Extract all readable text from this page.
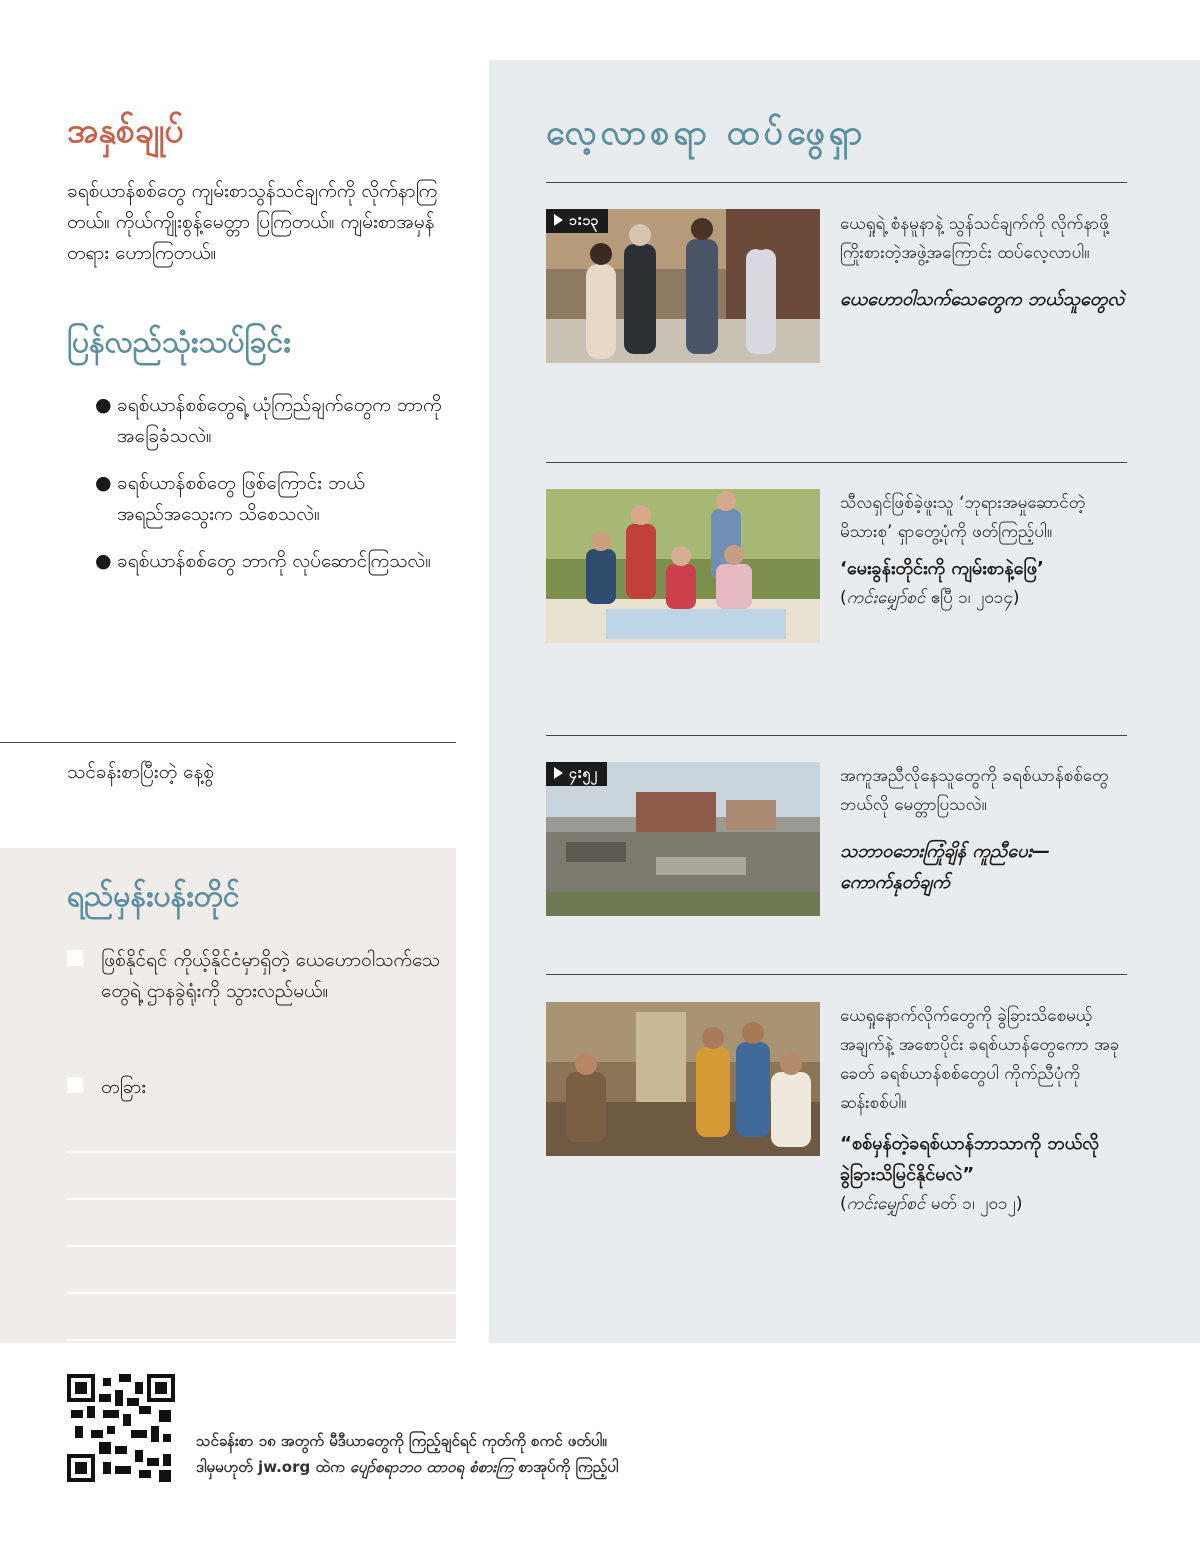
အနှစ်ချုပ်

ခရစ်ယာန်စစ်တွေ ကျမ်းစာသွန်သင်ချက်ကို လိုက်နာကြတယ်။ ကိုယ်ကျိုးစွန့်မေတ္တာ ပြကြတယ်။ ကျမ်းစာအမှန်တရား ဟောကြတယ်။

ပြန်လည်သုံးသပ်ခြင်း
● ခရစ်ယာန်စစ်တွေရဲ့ ယုံကြည်ချက်တွေက ဘာကို အခြေခံသလဲ။
● ခရစ်ယာန်စစ်တွေ ဖြစ်ကြောင်း ဘယ်အရည်အသွေးက သိစေသလဲ။
● ခရစ်ယာန်စစ်တွေ ဘာကို လုပ်ဆောင်ကြသလဲ။
သင်ခန်းစာပြီးတဲ့ နေ့စွဲ
ရည်မှန်းပန်းတိုင်
ဖြစ်နိုင်ရင် ကိုယ့်နိုင်ငံမှာရှိတဲ့ ယေဟောဝါသက်သေတွေရဲ့ ဌာနခွဲရုံးကို သွားလည်မယ်။
တခြား
လေ့လာစရာ ထပ်ဖွေရှာ
၁:၁၃	ယေရှုရဲ့ စံနမူနာနဲ့ သွန်သင်ချက်ကို လိုက်နာဖို့ ကြိုးစားတဲ့အဖွဲ့အကြောင်း ထပ်လေ့လာပါ။
ယေဟောဝါသက်သေတွေက ဘယ်သူတွေလဲ
သီလရှင်ဖြစ်ခဲ့ဖူးသူ ‘ဘုရားအမှုဆောင်တဲ့ မိသားစု’ ရှာတွေ့ပုံကို ဖတ်ကြည့်ပါ။
‘မေးခွန်းတိုင်းကို ကျမ်းစာနဲ့ဖြေ’
(ကင်းမျှော်စင် ဧပြီ ၁၊ ၂၀၁၄)
၄:၅၂	အကူအညီလိုနေသူတွေကို ခရစ်ယာန်စစ်တွေ ဘယ်လို မေတ္တာပြသလဲ။
သဘာဝဘေးကြုံချိန် ကူညီပေး—ကောက်နုတ်ချက်
ယေရှုနောက်လိုက်တွေကို ခွဲခြားသိစေမယ့်အချက်နဲ့ အစောပိုင်း ခရစ်ယာန်တွေကော အခုခေတ် ခရစ်ယာန်စစ်တွေပါ ကိုက်ညီပုံကို ဆန်းစစ်ပါ။
“စစ်မှန်တဲ့ခရစ်ယာန်ဘာသာကို ဘယ်လို ခွဲခြားသိမြင်နိုင်မလဲ”
(ကင်းမျှော်စင် မတ် ၁၊ ၂၀၁၂)
သင်ခန်းစာ ၁၈ အတွက် မီဒီယာတွေကို ကြည့်ချင်ရင် ကုတ်ကို စကင် ဖတ်ပါ။
ဒါမှမဟုတ် jw.org ထဲက ပျော်စရာဘဝ ထာဝရ စံစားကြ စာအုပ်ကို ကြည့်ပါ
